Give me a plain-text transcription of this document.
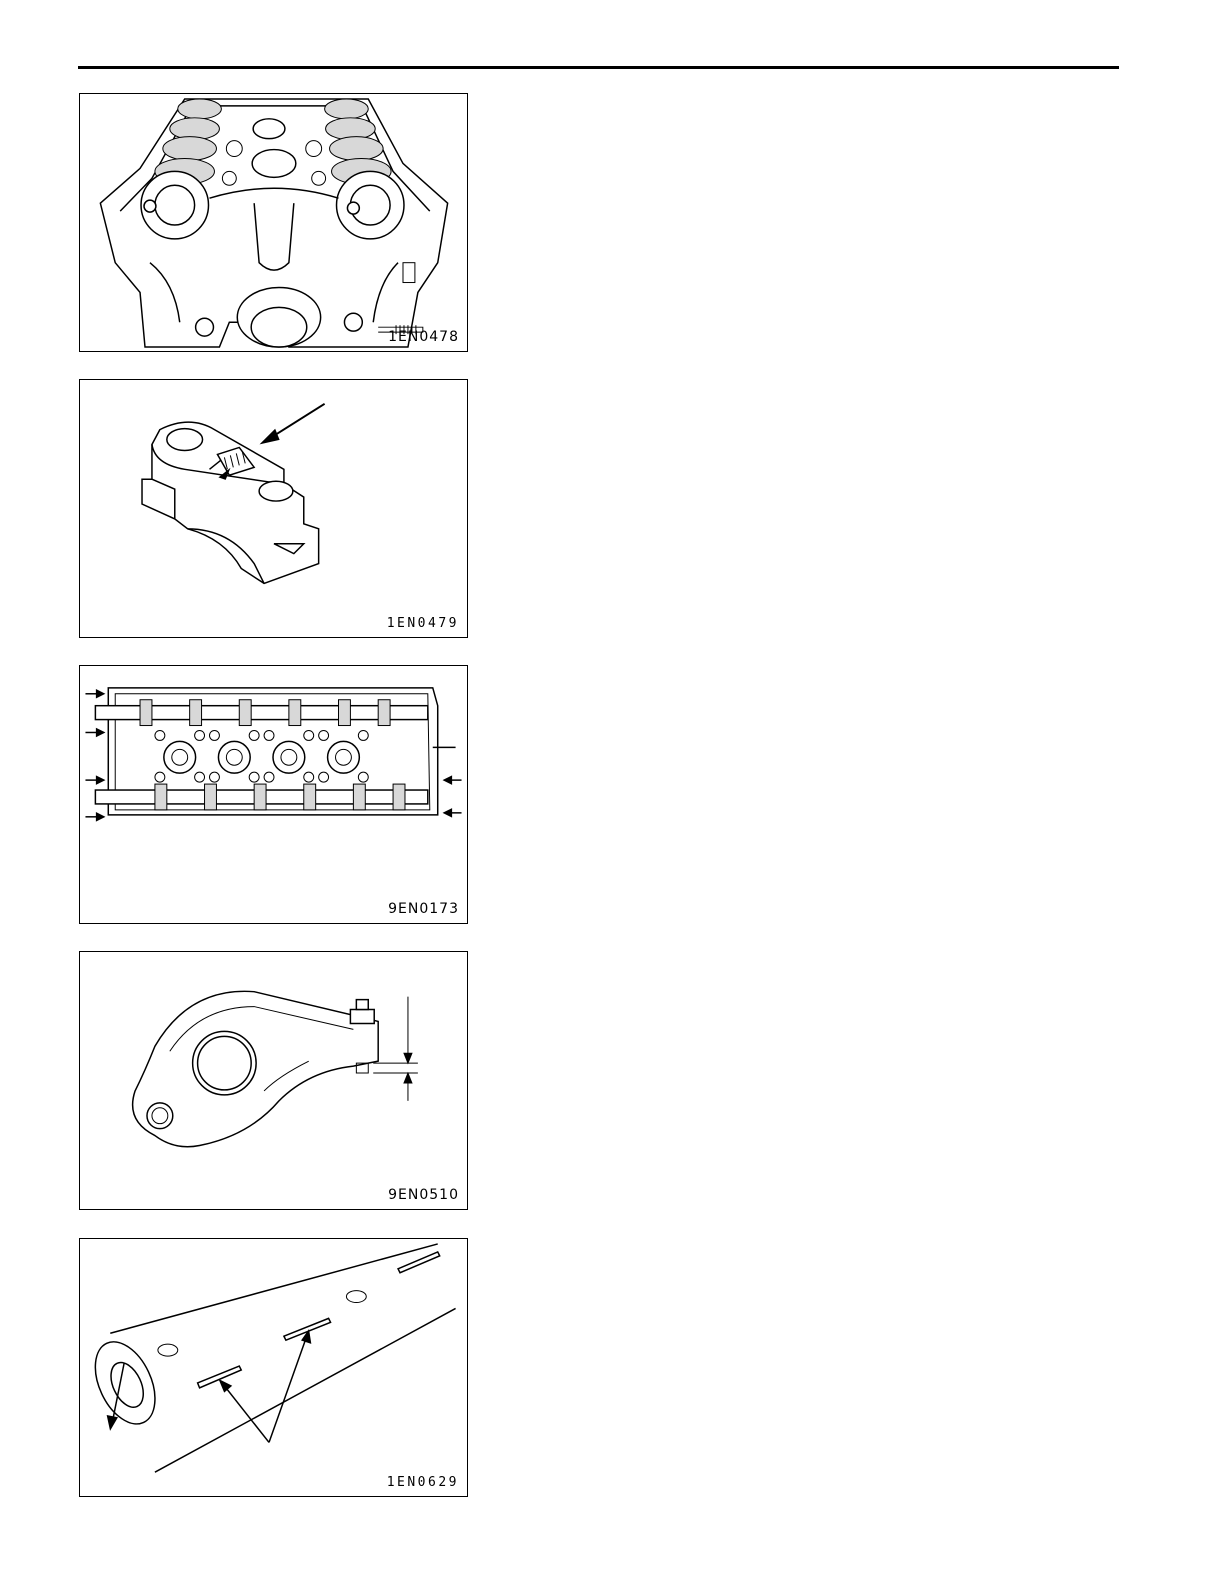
1EN0478
1EN0479
9EN0173
9EN0510
1EN0629
